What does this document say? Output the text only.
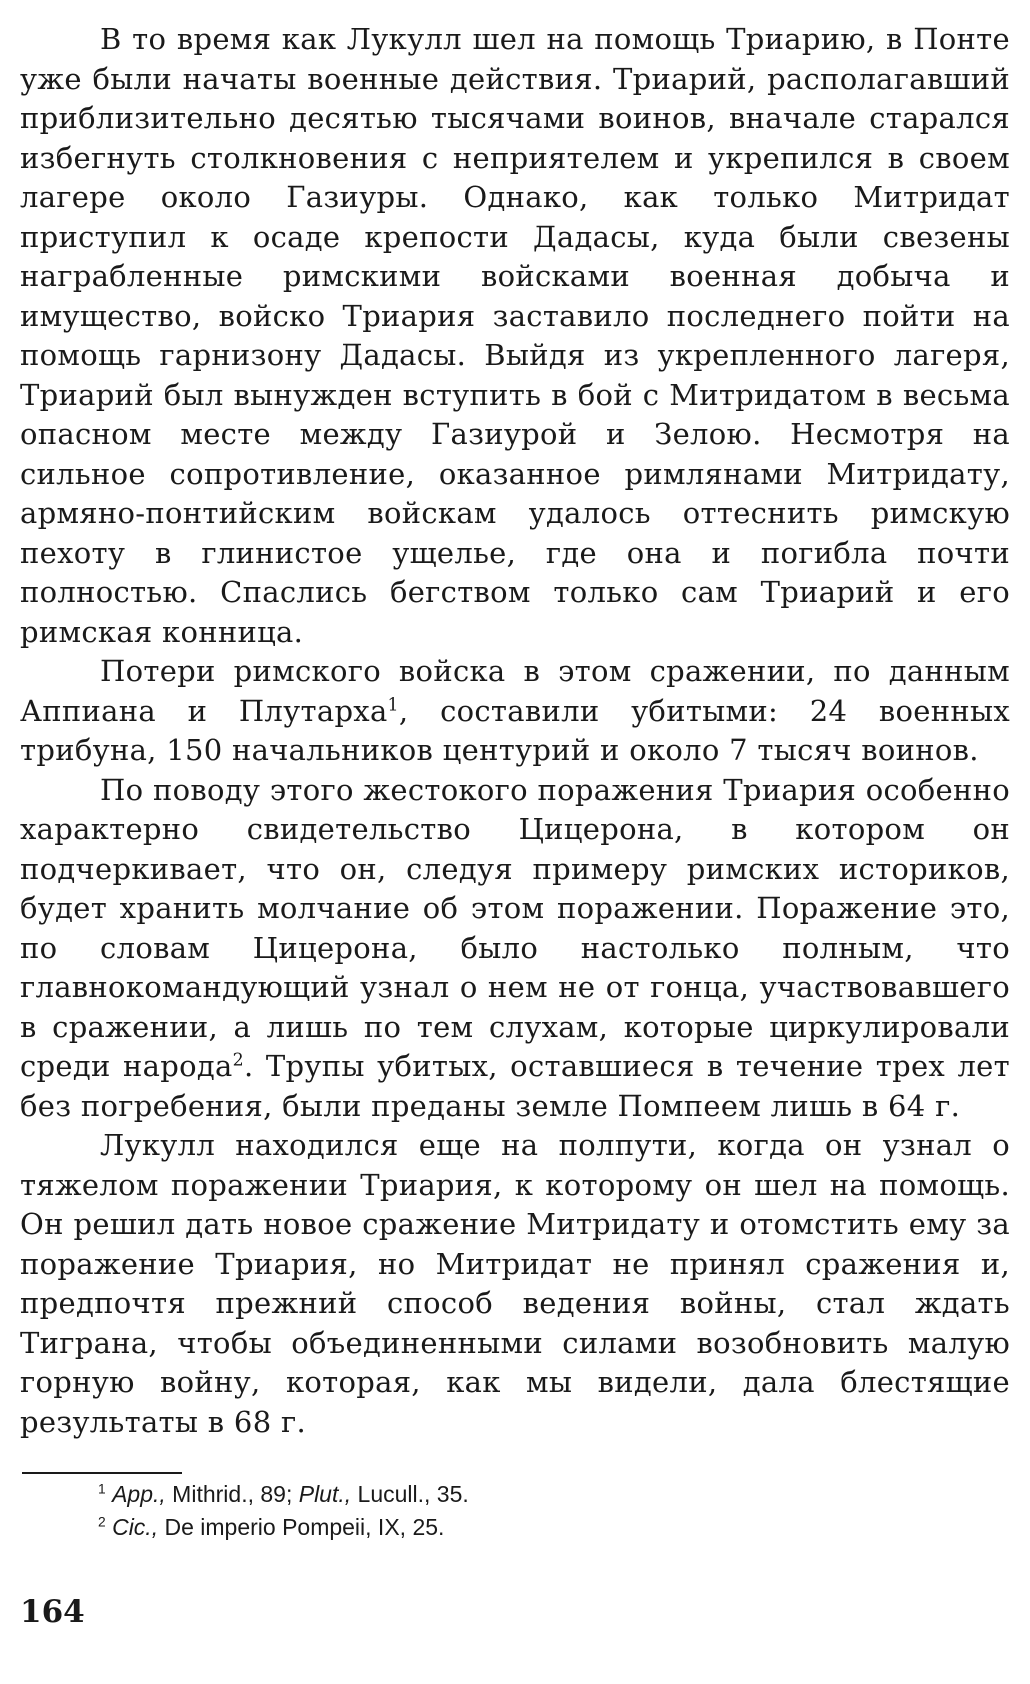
В то время как Лукулл шел на помощь Триарию, в Понте уже были начаты военные действия. Триарий, располагавший приблизительно десятью тысячами воинов, вначале старался избегнуть столкновения с неприятелем и укрепился в своем лагере около Газиуры. Однако, как только Митридат приступил к осаде крепости Дадасы, куда были свезены награбленные римскими войсками военная добыча и имущество, войско Триария заставило последнего пойти на помощь гарнизону Дадасы. Выйдя из укрепленного лагеря, Триарий был вынужден вступить в бой с Митридатом в весьма опасном месте между Газиурой и Зелою. Несмотря на сильное сопротивление, оказанное римлянами Митридату, армяно-понтийским войскам удалось оттеснить римскую пехоту в глинистое ущелье, где она и погибла почти полностью. Спаслись бегством только сам Триарий и его римская конница.

Потери римского войска в этом сражении, по данным Аппиана и Плутарха$^1$, составили убитыми: 24 военных трибуна, 150 начальников центурий и около 7 тысяч воинов.

По поводу этого жестокого поражения Триария особенно характерно свидетельство Цицерона, в котором он подчеркивает, что он, следуя примеру римских историков, будет хранить молчание об этом поражении. Поражение это, по словам Цицерона, было настолько полным, что главнокомандующий узнал о нем не от гонца, участвовавшего в сражении, а лишь по тем слухам, которые циркулировали среди народа$^2$. Трупы убитых, оставшиеся в течение трех лет без погребения, были преданы земле Помпеем лишь в 64 г.

Лукулл находился еще на полпути, когда он узнал о тяжелом поражении Триария, к которому он шел на помощь. Он решил дать новое сражение Митридату и отомстить ему за поражение Триария, но Митридат не принял сражения и, предпочтя прежний способ ведения войны, стал ждать Тиграна, чтобы объединенными силами возобновить малую горную войну, которая, как мы видели, дала блестящие результаты в 68 г.

$^1$ App., Mithrid., 89; Plut., Lucull., 35.
$^2$ Cic., De imperio Pompeii, IX, 25.
164
